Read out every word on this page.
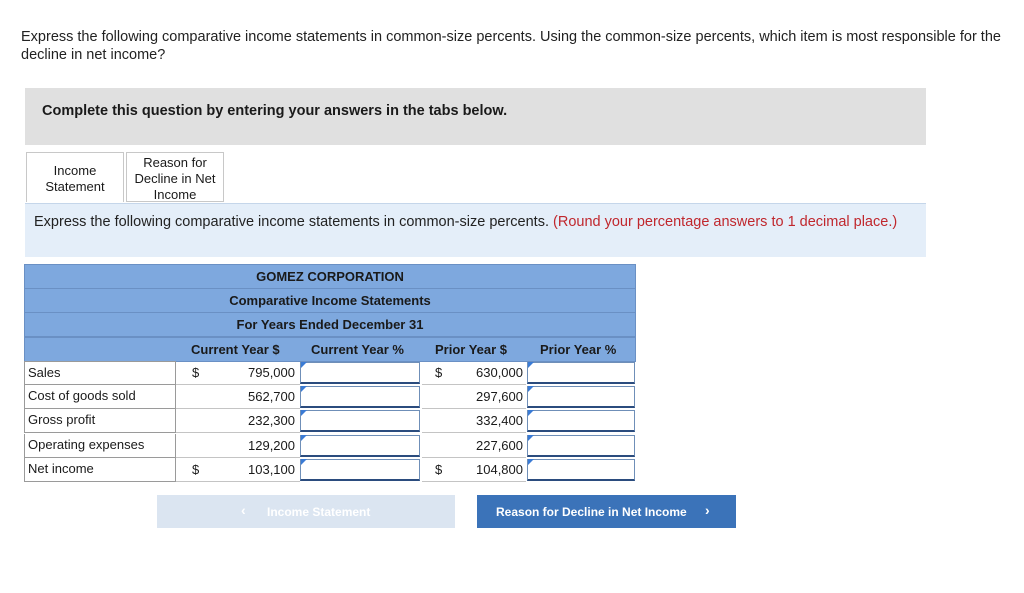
Express the following comparative income statements in common-size percents. Using the common-size percents, which item is most responsible for the decline in net income?
Complete this question by entering your answers in the tabs below.
Income Statement
Reason for Decline in Net Income

Express the following comparative income statements in common-size percents. (Round your percentage answers to 1 decimal place.)

GOMEZ CORPORATION
Comparative Income Statements
For Years Ended December 31
Current Year $ Current Year % Prior Year $	Prior Year %
Sales	$	795,000	$	630,000
Cost of goods sold	562,700	297,600
Gross profit	232,300	332,400
Operating expenses	129,200	227,600
Net income	$	103,100	$	104,800
‹ Income Statement	Reason for Decline in Net Income ›
